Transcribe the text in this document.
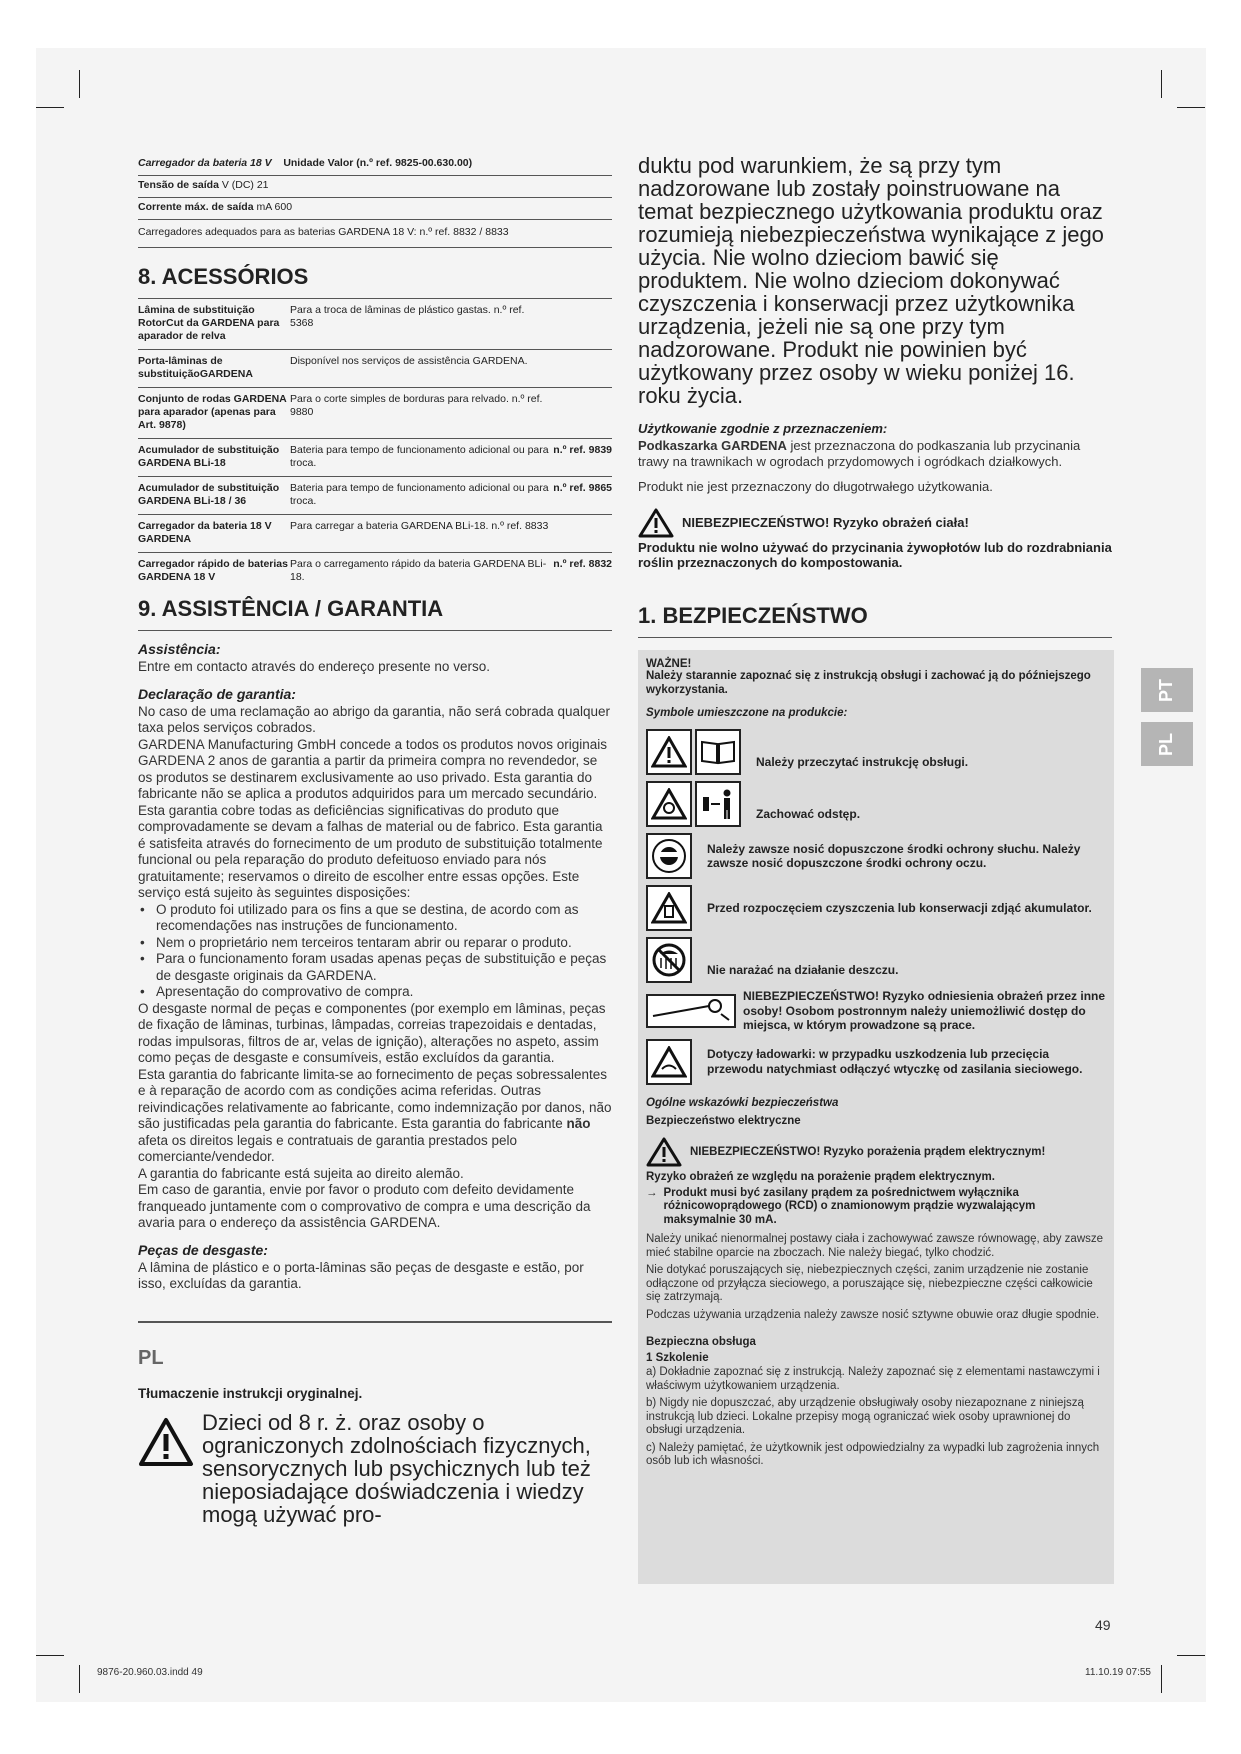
PT
PL
Carregador da bateria 18 V Unidade Valor (n.º ref. 9825-00.630.00)
Tensão de saída V (DC) 21
Corrente máx. de saída mA 600
Carregadores adequados para as baterias GARDENA 18 V: n.º ref. 8832 / 8833
8. ACESSÓRIOS
Lâmina de substituição RotorCut da GARDENA para aparador de relva
Para a troca de lâminas de plástico gastas. n.º ref. 5368
Porta-lâminas de substituiçãoGARDENA
Disponível nos serviços de assistência GARDENA.
Conjunto de rodas GARDENA para aparador (apenas para Art. 9878)
Para o corte simples de borduras para relvado. n.º ref. 9880
Acumulador de substituição GARDENA BLi-18
Bateria para tempo de funcionamento adicional ou para troca.
n.º ref. 9839
Acumulador de substituição GARDENA BLi-18 / 36
Bateria para tempo de funcionamento adicional ou para troca.
n.º ref. 9865
Carregador da bateria 18 V GARDENA
Para carregar a bateria GARDENA BLi-18. n.º ref. 8833
Carregador rápido de baterias GARDENA 18 V
Para o carregamento rápido da bateria GARDENA BLi-18.
n.º ref. 8832
9. ASSISTÊNCIA / GARANTIA
Assistência:

Entre em contacto através do endereço presente no verso.

Declaração de garantia:

No caso de uma reclamação ao abrigo da garantia, não será cobrada qualquer taxa pelos serviços cobrados.

GARDENA Manufacturing GmbH concede a todos os produtos novos originais GARDENA 2 anos de garantia a partir da primeira compra no revendedor, se os produtos se destinarem exclusivamente ao uso privado. Esta garantia do fabricante não se aplica a produtos adquiridos para um mercado secundário. Esta garantia cobre todas as deficiências significativas do produto que comprovadamente se devam a falhas de material ou de fabrico. Esta garantia é satisfeita através do fornecimento de um produto de substituição totalmente funcional ou pela reparação do produto defeituoso enviado para nós gratuitamente; reservamos o direito de escolher entre essas opções. Este serviço está sujeito às seguintes disposições:

• O produto foi utilizado para os fins a que se destina, de acordo com as recomendações nas instruções de funcionamento.
• Nem o proprietário nem terceiros tentaram abrir ou reparar o produto.
• Para o funcionamento foram usadas apenas peças de substituição e peças de desgaste originais da GARDENA.
• Apresentação do comprovativo de compra.

O desgaste normal de peças e componentes (por exemplo em lâminas, peças de fixação de lâminas, turbinas, lâmpadas, correias trapezoidais e dentadas, rodas impulsoras, filtros de ar, velas de ignição), alterações no aspeto, assim como peças de desgaste e consumíveis, estão excluídos da garantia.

Esta garantia do fabricante limita-se ao fornecimento de peças sobressalentes e à reparação de acordo com as condições acima referidas. Outras reivindicações relativamente ao fabricante, como indemnização por danos, não são justificadas pela garantia do fabricante. Esta garantia do fabricante não afeta os direitos legais e contratuais de garantia prestados pelo comerciante/vendedor.

A garantia do fabricante está sujeita ao direito alemão.

Em caso de garantia, envie por favor o produto com defeito devidamente franqueado juntamente com o comprovativo de compra e uma descrição da avaria para o endereço da assistência GARDENA.

Peças de desgaste:

A lâmina de plástico e o porta-lâminas são peças de desgaste e estão, por isso, excluídas da garantia.

PL
Tłumaczenie instrukcji oryginalnej.
Dzieci od 8 r. ż. oraz osoby o ograniczonych zdolnościach fizycznych, sensorycznych lub psychicznych lub też nieposiadające doświadczenia i wiedzy mogą używać pro-
duktu pod warunkiem, że są przy tym nadzorowane lub zostały poinstruowane na temat bezpiecznego użytkowania produktu oraz rozumieją niebezpieczeństwa wynikające z jego użycia. Nie wolno dzieciom bawić się produktem. Nie wolno dzieciom dokonywać czyszczenia i konserwacji przez użytkownika urządzenia, jeżeli nie są one przy tym nadzorowane. Produkt nie powinien być użytkowany przez osoby w wieku poniżej 16. roku życia.
Użytkowanie zgodnie z przeznaczeniem:

Podkaszarka GARDENA jest przeznaczona do podkaszania lub przycinania trawy na trawnikach w ogrodach przydomowych i ogródkach działkowych.

Produkt nie jest przeznaczony do długotrwałego użytkowania.

NIEBEZPIECZEŃSTWO! Ryzyko obrażeń ciała!
Produktu nie wolno używać do przycinania żywopłotów lub do rozdrabniania roślin przeznaczonych do kompostowania.
1. BEZPIECZEŃSTWO
WAŻNE!
Należy starannie zapoznać się z instrukcją obsługi i zachować ją do późniejszego wykorzystania.
Symbole umieszczone na produkcie:
Należy przeczytać instrukcję obsługi.
Zachować odstęp.
Należy zawsze nosić dopuszczone środki ochrony słuchu. Należy zawsze nosić dopuszczone środki ochrony oczu.
Przed rozpoczęciem czyszczenia lub konserwacji zdjąć akumulator.
Nie narażać na działanie deszczu.
NIEBEZPIECZEŃSTWO! Ryzyko odniesienia obrażeń przez inne osoby! Osobom postronnym należy uniemożliwić dostęp do miejsca, w którym prowadzone są prace.
Dotyczy ładowarki: w przypadku uszkodzenia lub przecięcia przewodu natychmiast odłączyć wtyczkę od zasilania sieciowego.
Ogólne wskazówki bezpieczeństwa
Bezpieczeństwo elektryczne
NIEBEZPIECZEŃSTWO! Ryzyko porażenia prądem elektrycznym!
Ryzyko obrażeń ze względu na porażenie prądem elektrycznym.
→ Produkt musi być zasilany prądem za pośrednictwem wyłącznika różnicowoprądowego (RCD) o znamionowym prądzie wyzwalającym maksymalnie 30 mA.

Należy unikać nienormalnej postawy ciała i zachowywać zawsze równowagę, aby zawsze mieć stabilne oparcie na zboczach. Nie należy biegać, tylko chodzić.

Nie dotykać poruszających się, niebezpiecznych części, zanim urządzenie nie zostanie odłączone od przyłącza sieciowego, a poruszające się, niebezpieczne części całkowicie się zatrzymają.

Podczas używania urządzenia należy zawsze nosić sztywne obuwie oraz długie spodnie.

Bezpieczna obsługa
1 Szkolenie

a) Dokładnie zapoznać się z instrukcją. Należy zapoznać się z elementami nastawczymi i właściwym użytkowaniem urządzenia.

b) Nigdy nie dopuszczać, aby urządzenie obsługiwały osoby niezapoznane z niniejszą instrukcją lub dzieci. Lokalne przepisy mogą ograniczać wiek osoby uprawnionej do obsługi urządzenia.

c) Należy pamiętać, że użytkownik jest odpowiedzialny za wypadki lub zagrożenia innych osób lub ich własności.

49
9876-20.960.03.indd 49	11.10.19 07:55
